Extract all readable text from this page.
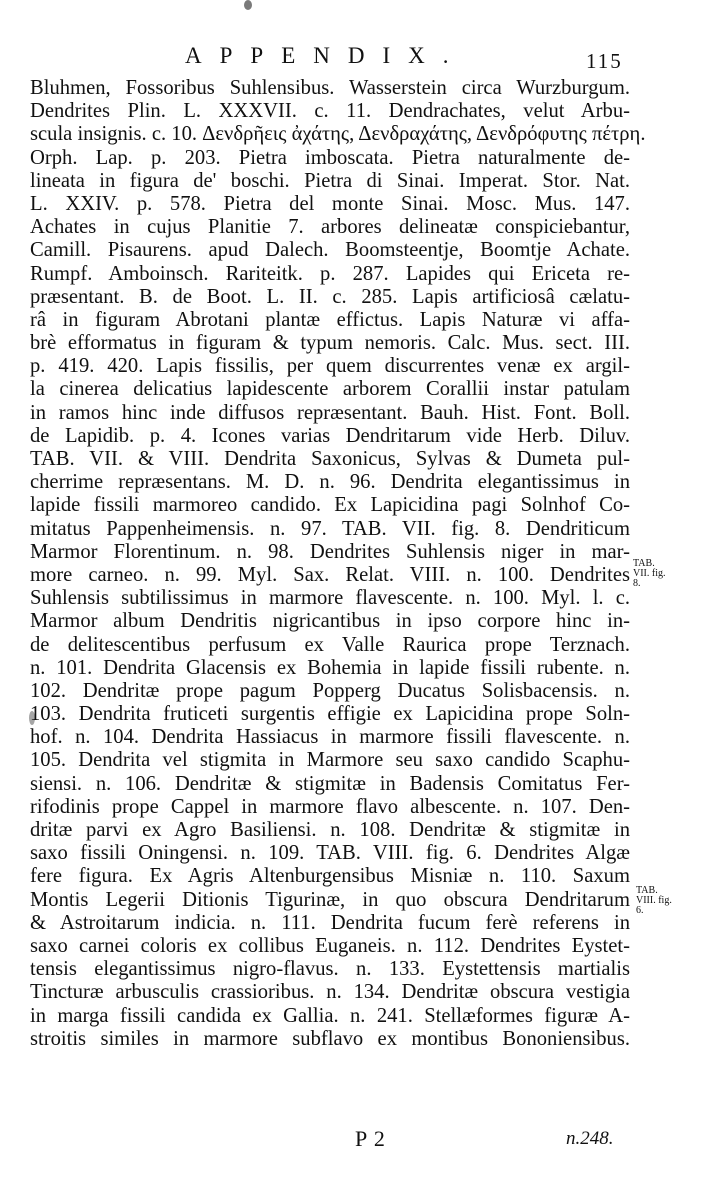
APPENDIX.	115
Bluhmen, Fossoribus Suhlensibus. Wasserstein circa Wurzburgum.
Dendrites Plin. L. XXXVII. c. 11. Dendrachates, velut Arbu-
scula insignis. c. 10. Δενδρῆεις ἀχάτης, Δενδραχάτης, Δενδρόφυτης πέτρη.
Orph. Lap. p. 203. Pietra imboscata. Pietra naturalmente de-
lineata in figura de' boschi. Pietra di Sinai. Imperat. Stor. Nat.
L. XXIV. p. 578. Pietra del monte Sinai. Mosc. Mus. 147.
Achates in cujus Planitie 7. arbores delineatæ conspiciebantur,
Camill. Pisaurens. apud Dalech. Boomsteentje, Boomtje Achate.
Rumpf. Amboinsch. Rariteitk. p. 287. Lapides qui Ericeta re-
præsentant. B. de Boot. L. II. c. 285. Lapis artificiosâ cælatu-
râ in figuram Abrotani plantæ effictus. Lapis Naturæ vi affa-
brè efformatus in figuram & typum nemoris. Calc. Mus. sect. III.
p. 419. 420. Lapis fissilis, per quem discurrentes venæ ex argil-
la cinerea delicatius lapidescente arborem Corallii instar patulam
in ramos hinc inde diffusos repræsentant. Bauh. Hist. Font. Boll.
de Lapidib. p. 4. Icones varias Dendritarum vide Herb. Diluv.
TAB. VII. & VIII. Dendrita Saxonicus, Sylvas & Dumeta pul-
cherrime repræsentans. M. D. n. 96. Dendrita elegantissimus in
lapide fissili marmoreo candido. Ex Lapicidina pagi Solnhof Co-
mitatus Pappenheimensis. n. 97. TAB. VII. fig. 8. Dendriticum
Marmor Florentinum. n. 98. Dendrites Suhlensis niger in mar-
more carneo. n. 99. Myl. Sax. Relat. VIII. n. 100. Dendrites
Suhlensis subtilissimus in marmore flavescente. n. 100. Myl. l. c.
Marmor album Dendritis nigricantibus in ipso corpore hinc in-
de delitescentibus perfusum ex Valle Raurica prope Terznach.
n. 101. Dendrita Glacensis ex Bohemia in lapide fissili rubente. n.
102. Dendritæ prope pagum Popperg Ducatus Solisbacensis. n.
103. Dendrita fruticeti surgentis effigie ex Lapicidina prope Soln-
hof. n. 104. Dendrita Hassiacus in marmore fissili flavescente. n.
105. Dendrita vel stigmita in Marmore seu saxo candido Scaphu-
siensi. n. 106. Dendritæ & stigmitæ in Badensis Comitatus Fer-
rifodinis prope Cappel in marmore flavo albescente. n. 107. Den-
dritæ parvi ex Agro Basiliensi. n. 108. Dendritæ & stigmitæ in
saxo fissili Oningensi. n. 109. TAB. VIII. fig. 6. Dendrites Algæ
fere figura. Ex Agris Altenburgensibus Misniæ n. 110. Saxum
Montis Legerii Ditionis Tigurinæ, in quo obscura Dendritarum
& Astroitarum indicia. n. 111. Dendrita fucum ferè referens in
saxo carnei coloris ex collibus Euganeis. n. 112. Dendrites Eystet-
tensis elegantissimus nigro-flavus. n. 133. Eystettensis martialis
Tincturæ arbusculis crassioribus. n. 134. Dendritæ obscura vestigia
in marga fissili candida ex Gallia. n. 241. Stellæformes figuræ A-
stroitis similes in marmore subflavo ex montibus Bononiensibus.
TAB.
VII. fig.
8.
TAB.
VIII. fig.
6.
P 2	n.248.
